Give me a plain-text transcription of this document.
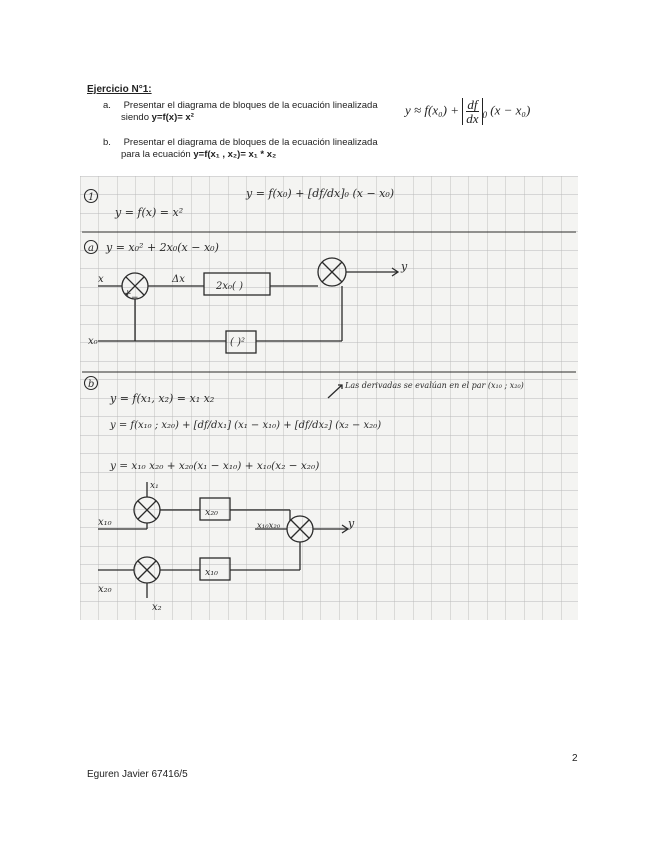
Ejercicio N°1:
a. Presentar el diagrama de bloques de la ecuación linealizada
siendo y=f(x)= x²
b. Presentar el diagrama de bloques de la ecuación linealizada
para la ecuación y=f(x₁ , x₂)= x₁ * x₂
$y \approx f(x_0) + \frac{df}{dx} _0$ (x − x₀)
1
y = f(x) = x²
y = f(x₀) + [df/dx]₀ (x − x₀)
a y = x₀² + 2x₀(x − x₀)
x
x₀
Δx
2x₀( )
( )²
y
+ −
b	Las derivadas se evalúan en el par (x₁₀ ; x₂₀)
y = f(x₁, x₂) = x₁ x₂
y = f(x₁₀ ; x₂₀) + [df/dx₁] (x₁ − x₁₀) + [df/dx₂] (x₂ − x₂₀)
y = x₁₀ x₂₀ + x₂₀(x₁ − x₁₀) + x₁₀(x₂ − x₂₀)
x₁
x₁₀
x₂
x₂₀
x₂₀
x₁₀
x₁₀x₂₀	y
2
Eguren Javier 67416/5
